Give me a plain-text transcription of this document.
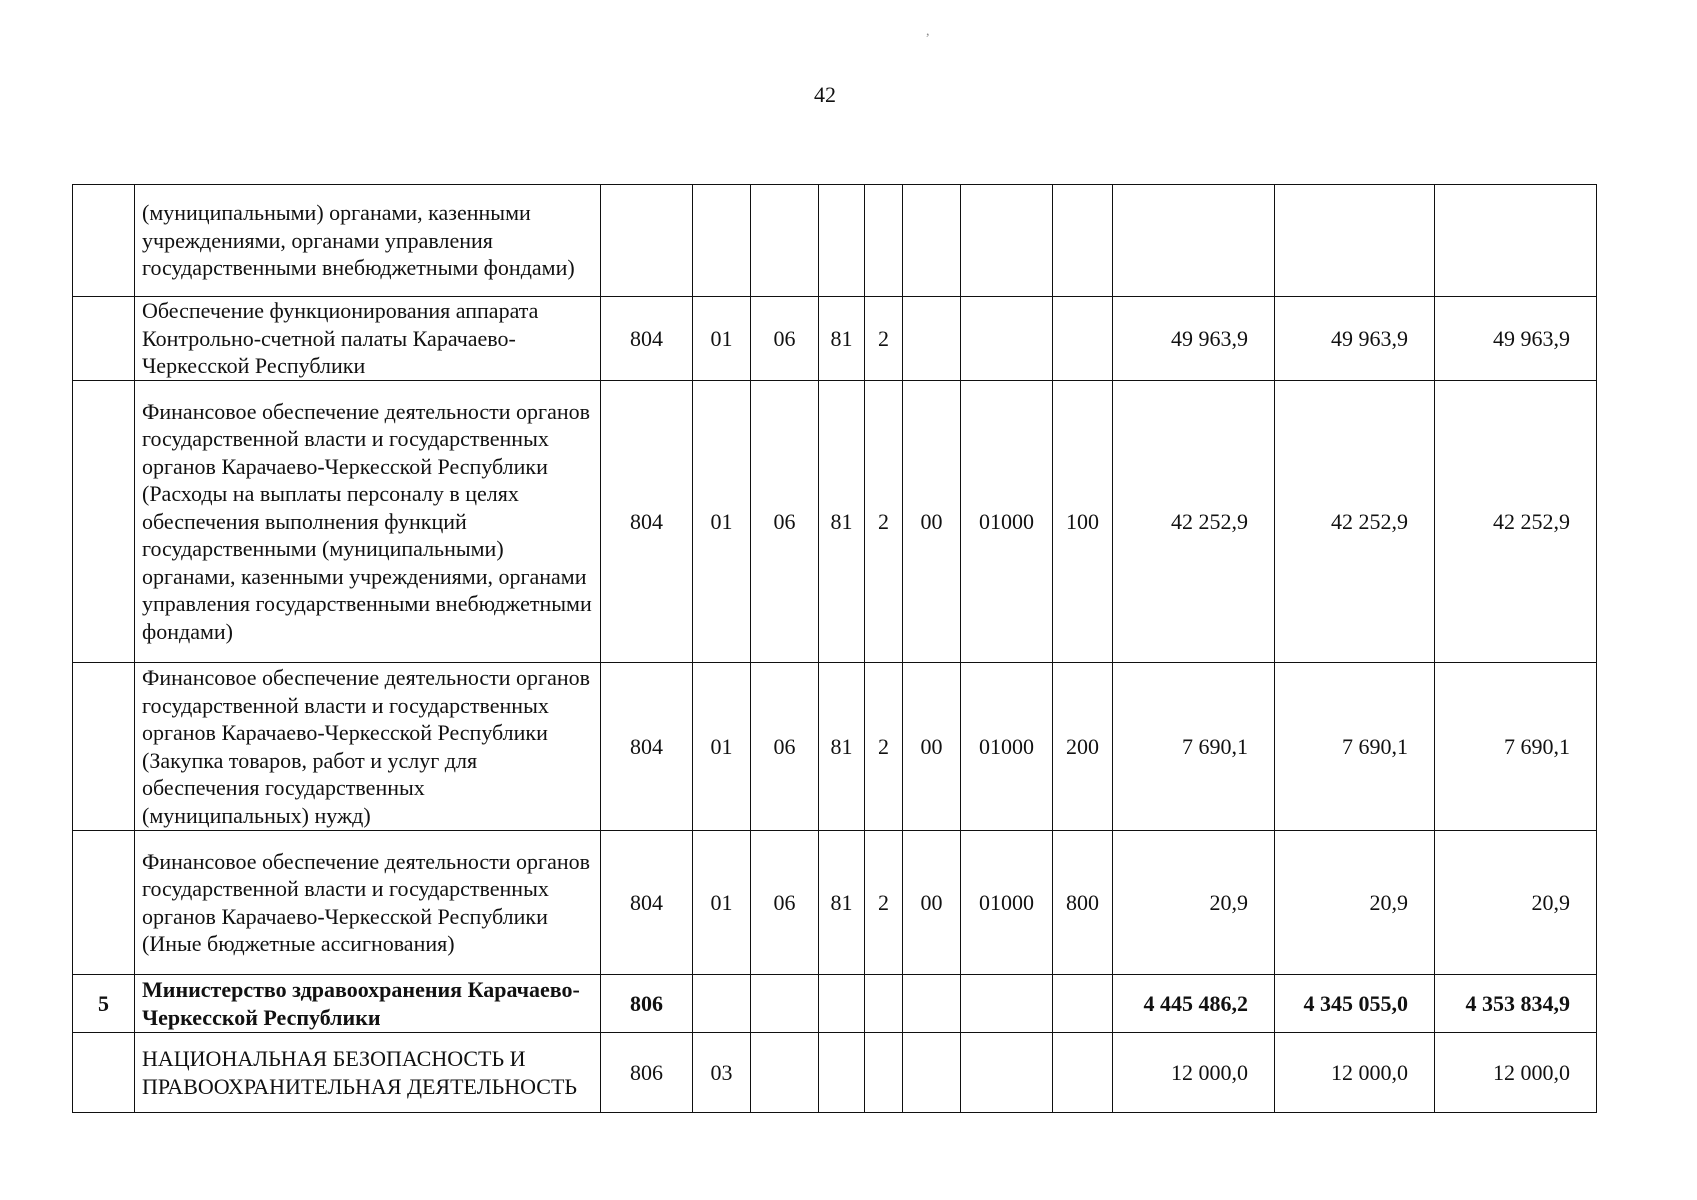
42
,
	(муниципальными) органами, казенными учреждениями, органами управления государственными внебюджетными фондами)											
	Обеспечение функционирования аппарата Контрольно-счетной палаты Карачаево-Черкесской Республики	804	01	06	81	2				49 963,9	49 963,9	49 963,9
	Финансовое обеспечение деятельности органов государственной власти и государственных органов Карачаево-Черкесской Республики (Расходы на выплаты персоналу в целях обеспечения выполнения функций государственными (муниципальными) органами, казенными учреждениями, органами управления государственными внебюджетными фондами)	804	01	06	81	2	00	01000	100	42 252,9	42 252,9	42 252,9
	Финансовое обеспечение деятельности органов государственной власти и государственных органов Карачаево-Черкесской Республики (Закупка товаров, работ и услуг для обеспечения государственных (муниципальных) нужд)	804	01	06	81	2	00	01000	200	7 690,1	7 690,1	7 690,1
	Финансовое обеспечение деятельности органов государственной власти и государственных органов Карачаево-Черкесской Республики (Иные бюджетные ассигнования)	804	01	06	81	2	00	01000	800	20,9	20,9	20,9
5	Министерство здравоохранения Карачаево-Черкесской Республики	806								4 445 486,2	4 345 055,0	4 353 834,9
	НАЦИОНАЛЬНАЯ БЕЗОПАСНОСТЬ И ПРАВООХРАНИТЕЛЬНАЯ ДЕЯТЕЛЬНОСТЬ	806	03							12 000,0	12 000,0	12 000,0
